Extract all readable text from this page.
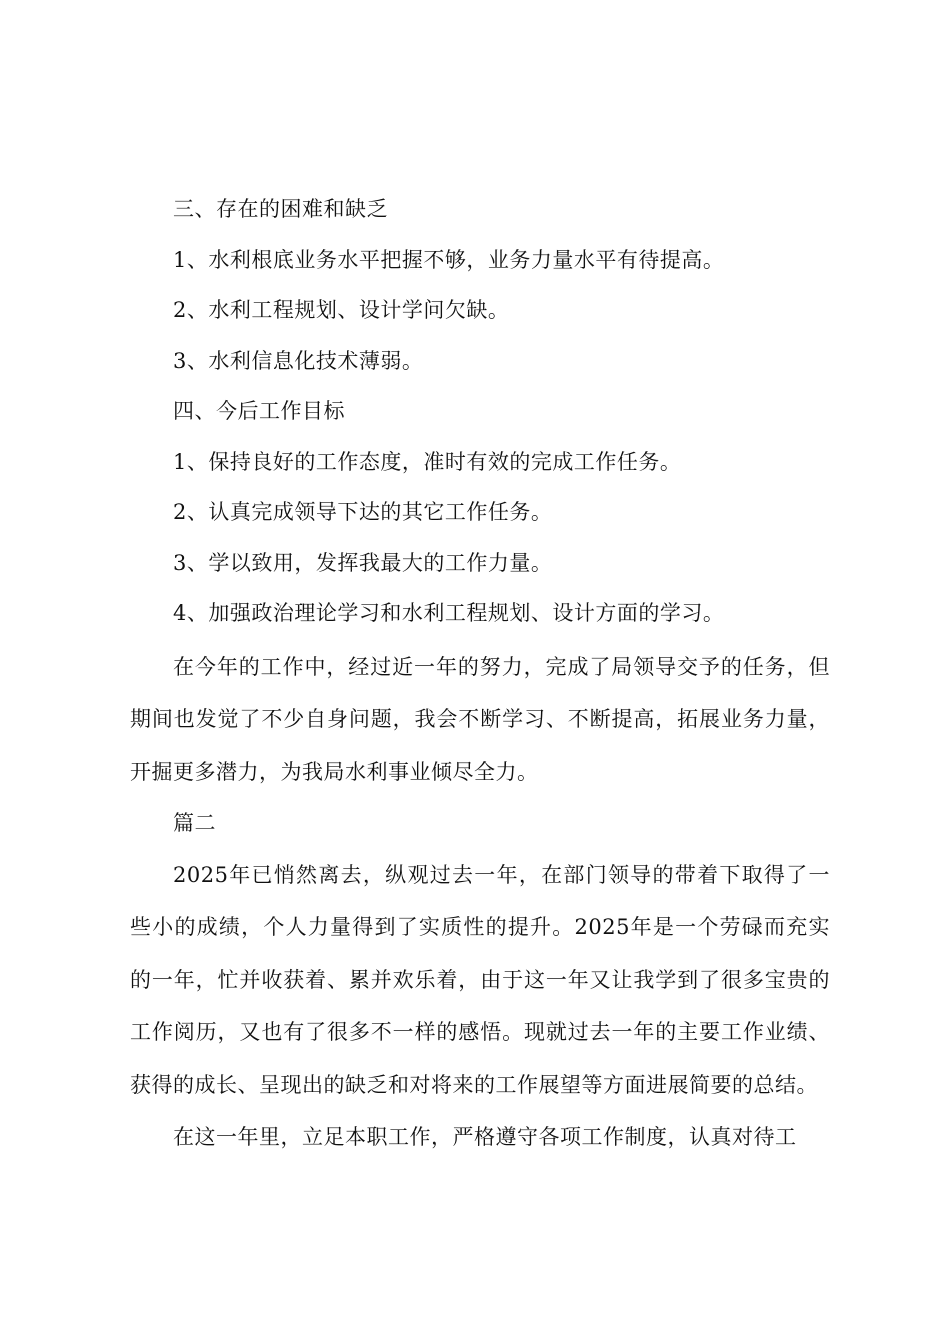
三、存在的困难和缺乏

1、水利根底业务水平把握不够，业务力量水平有待提高。

2、水利工程规划、设计学问欠缺。

3、水利信息化技术薄弱。

四、今后工作目标

1、保持良好的工作态度，准时有效的完成工作任务。

2、认真完成领导下达的其它工作任务。

3、学以致用，发挥我最大的工作力量。

4、加强政治理论学习和水利工程规划、设计方面的学习。

在今年的工作中，经过近一年的努力，完成了局领导交予的任务，但期间也发觉了不少自身问题，我会不断学习、不断提高，拓展业务力量，开掘更多潜力，为我局水利事业倾尽全力。

篇二

2025年已悄然离去，纵观过去一年，在部门领导的带着下取得了一些小的成绩，个人力量得到了实质性的提升。2025年是一个劳碌而充实的一年，忙并收获着、累并欢乐着，由于这一年又让我学到了很多宝贵的工作阅历，又也有了很多不一样的感悟。现就过去一年的主要工作业绩、获得的成长、呈现出的缺乏和对将来的工作展望等方面进展简要的总结。

在这一年里，立足本职工作，严格遵守各项工作制度，认真对待工
